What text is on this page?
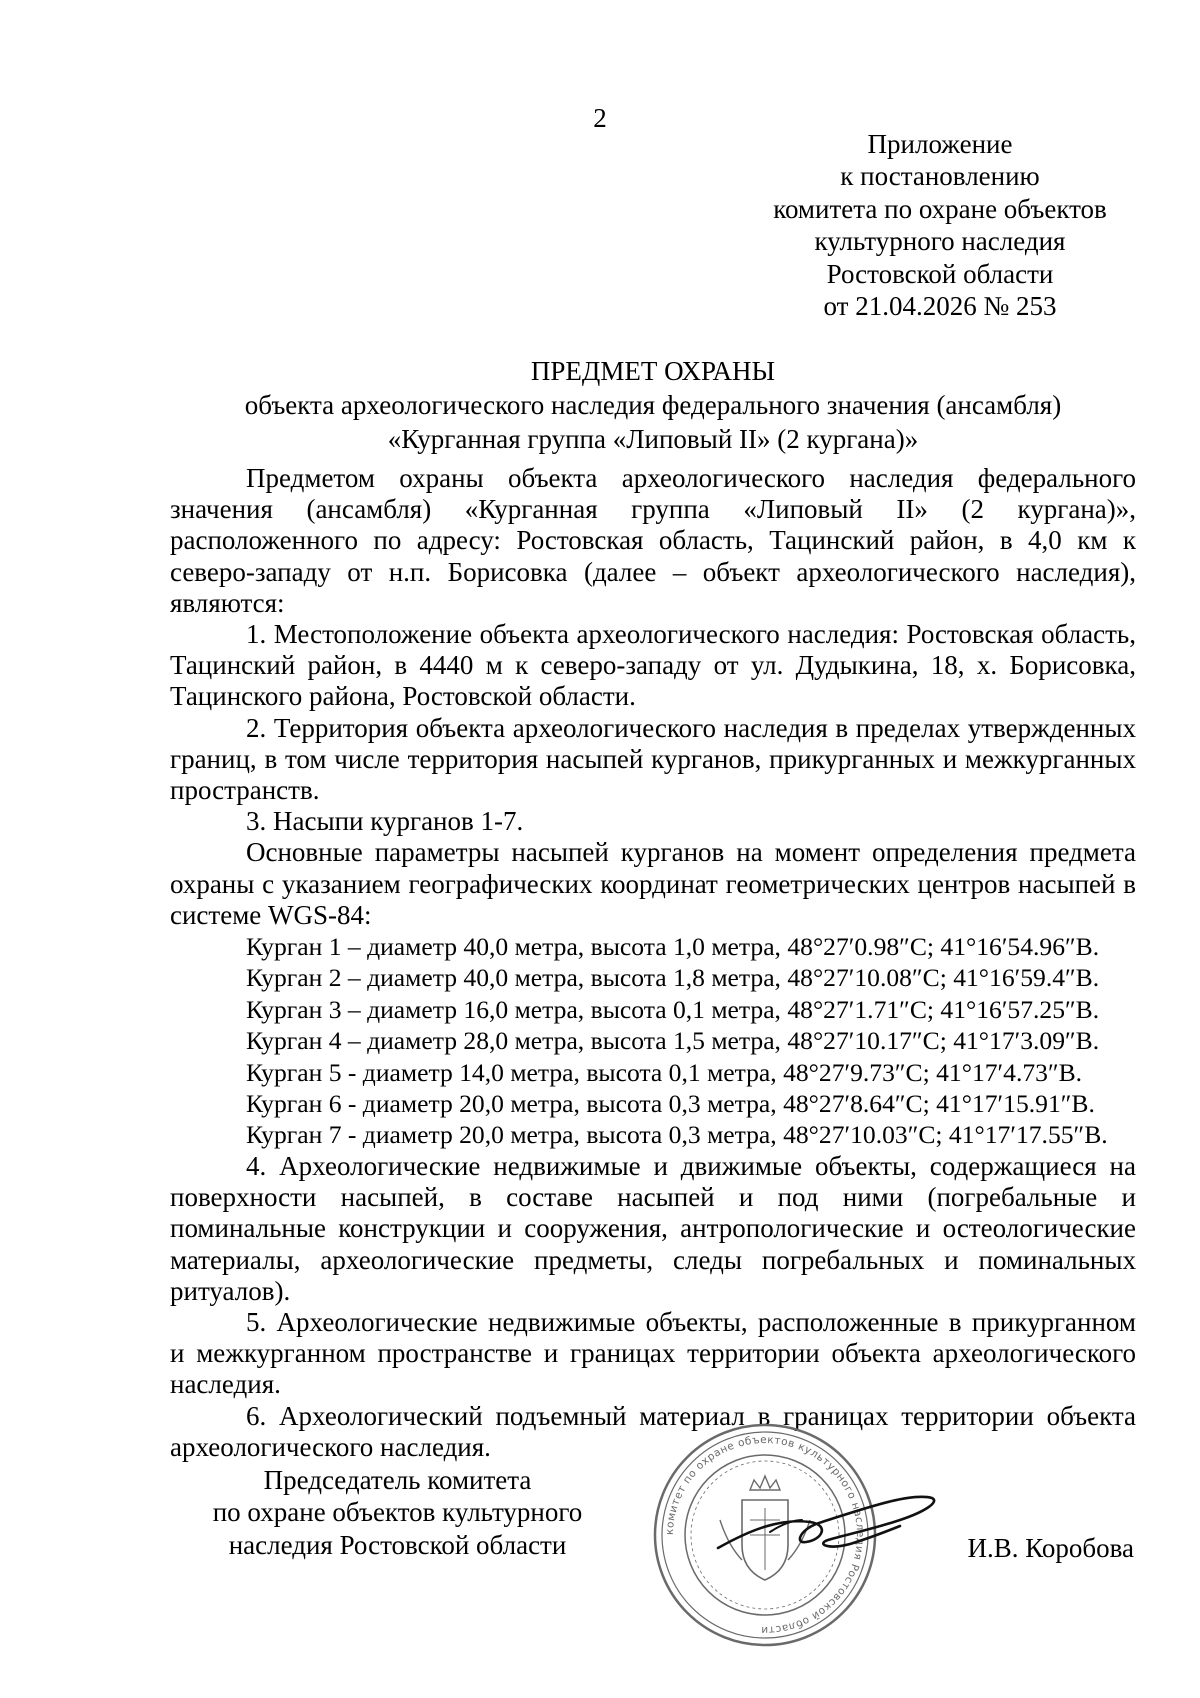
2
Приложение
к постановлению
комитета по охране объектов
культурного наследия
Ростовской области
от 21.04.2026 № 253
ПРЕДМЕТ ОХРАНЫ
объекта археологического наследия федерального значения (ансамбля)
«Курганная группа «Липовый II» (2 кургана)»

Предметом охраны объекта археологического наследия федерального значения (ансамбля) «Курганная группа «Липовый II» (2 кургана)», расположенного по адресу: Ростовская область, Тацинский район, в 4,0 км к северо-западу от н.п. Борисовка (далее – объект археологического наследия), являются:

1. Местоположение объекта археологического наследия: Ростовская область, Тацинский район, в 4440 м к северо-западу от ул. Дудыкина, 18, х. Борисовка, Тацинского района, Ростовской области.

2. Территория объекта археологического наследия в пределах утвержденных границ, в том числе территория насыпей курганов, прикурганных и межкурганных пространств.

3. Насыпи курганов 1-7.

Основные параметры насыпей курганов на момент определения предмета охраны с указанием географических координат геометрических центров насыпей в системе WGS-84:

Курган 1 – диаметр 40,0 метра, высота 1,0 метра, 48°27′0.98″С; 41°16′54.96″В.

Курган 2 – диаметр 40,0 метра, высота 1,8 метра, 48°27′10.08″С; 41°16′59.4″В.

Курган 3 – диаметр 16,0 метра, высота 0,1 метра, 48°27′1.71″С; 41°16′57.25″В.

Курган 4 – диаметр 28,0 метра, высота 1,5 метра, 48°27′10.17″С; 41°17′3.09″В.

Курган 5 - диаметр 14,0 метра, высота 0,1 метра, 48°27′9.73″С; 41°17′4.73″В.

Курган 6 - диаметр 20,0 метра, высота 0,3 метра, 48°27′8.64″С; 41°17′15.91″В.

Курган 7 - диаметр 20,0 метра, высота 0,3 метра, 48°27′10.03″С; 41°17′17.55″В.

4. Археологические недвижимые и движимые объекты, содержащиеся на поверхности насыпей, в составе насыпей и под ними (погребальные и поминальные конструкции и сооружения, антропологические и остеологические материалы, археологические предметы, следы погребальных и поминальных ритуалов).

5. Археологические недвижимые объекты, расположенные в прикурганном и межкурганном пространстве и границах территории объекта археологического наследия.

6. Археологический подъемный материал в границах территории объекта археологического наследия.

комитет по охране объектов культурного наследия Ростовской области
Председатель комитета
по охране объектов культурного
наследия Ростовской области	И.В. Коробова
